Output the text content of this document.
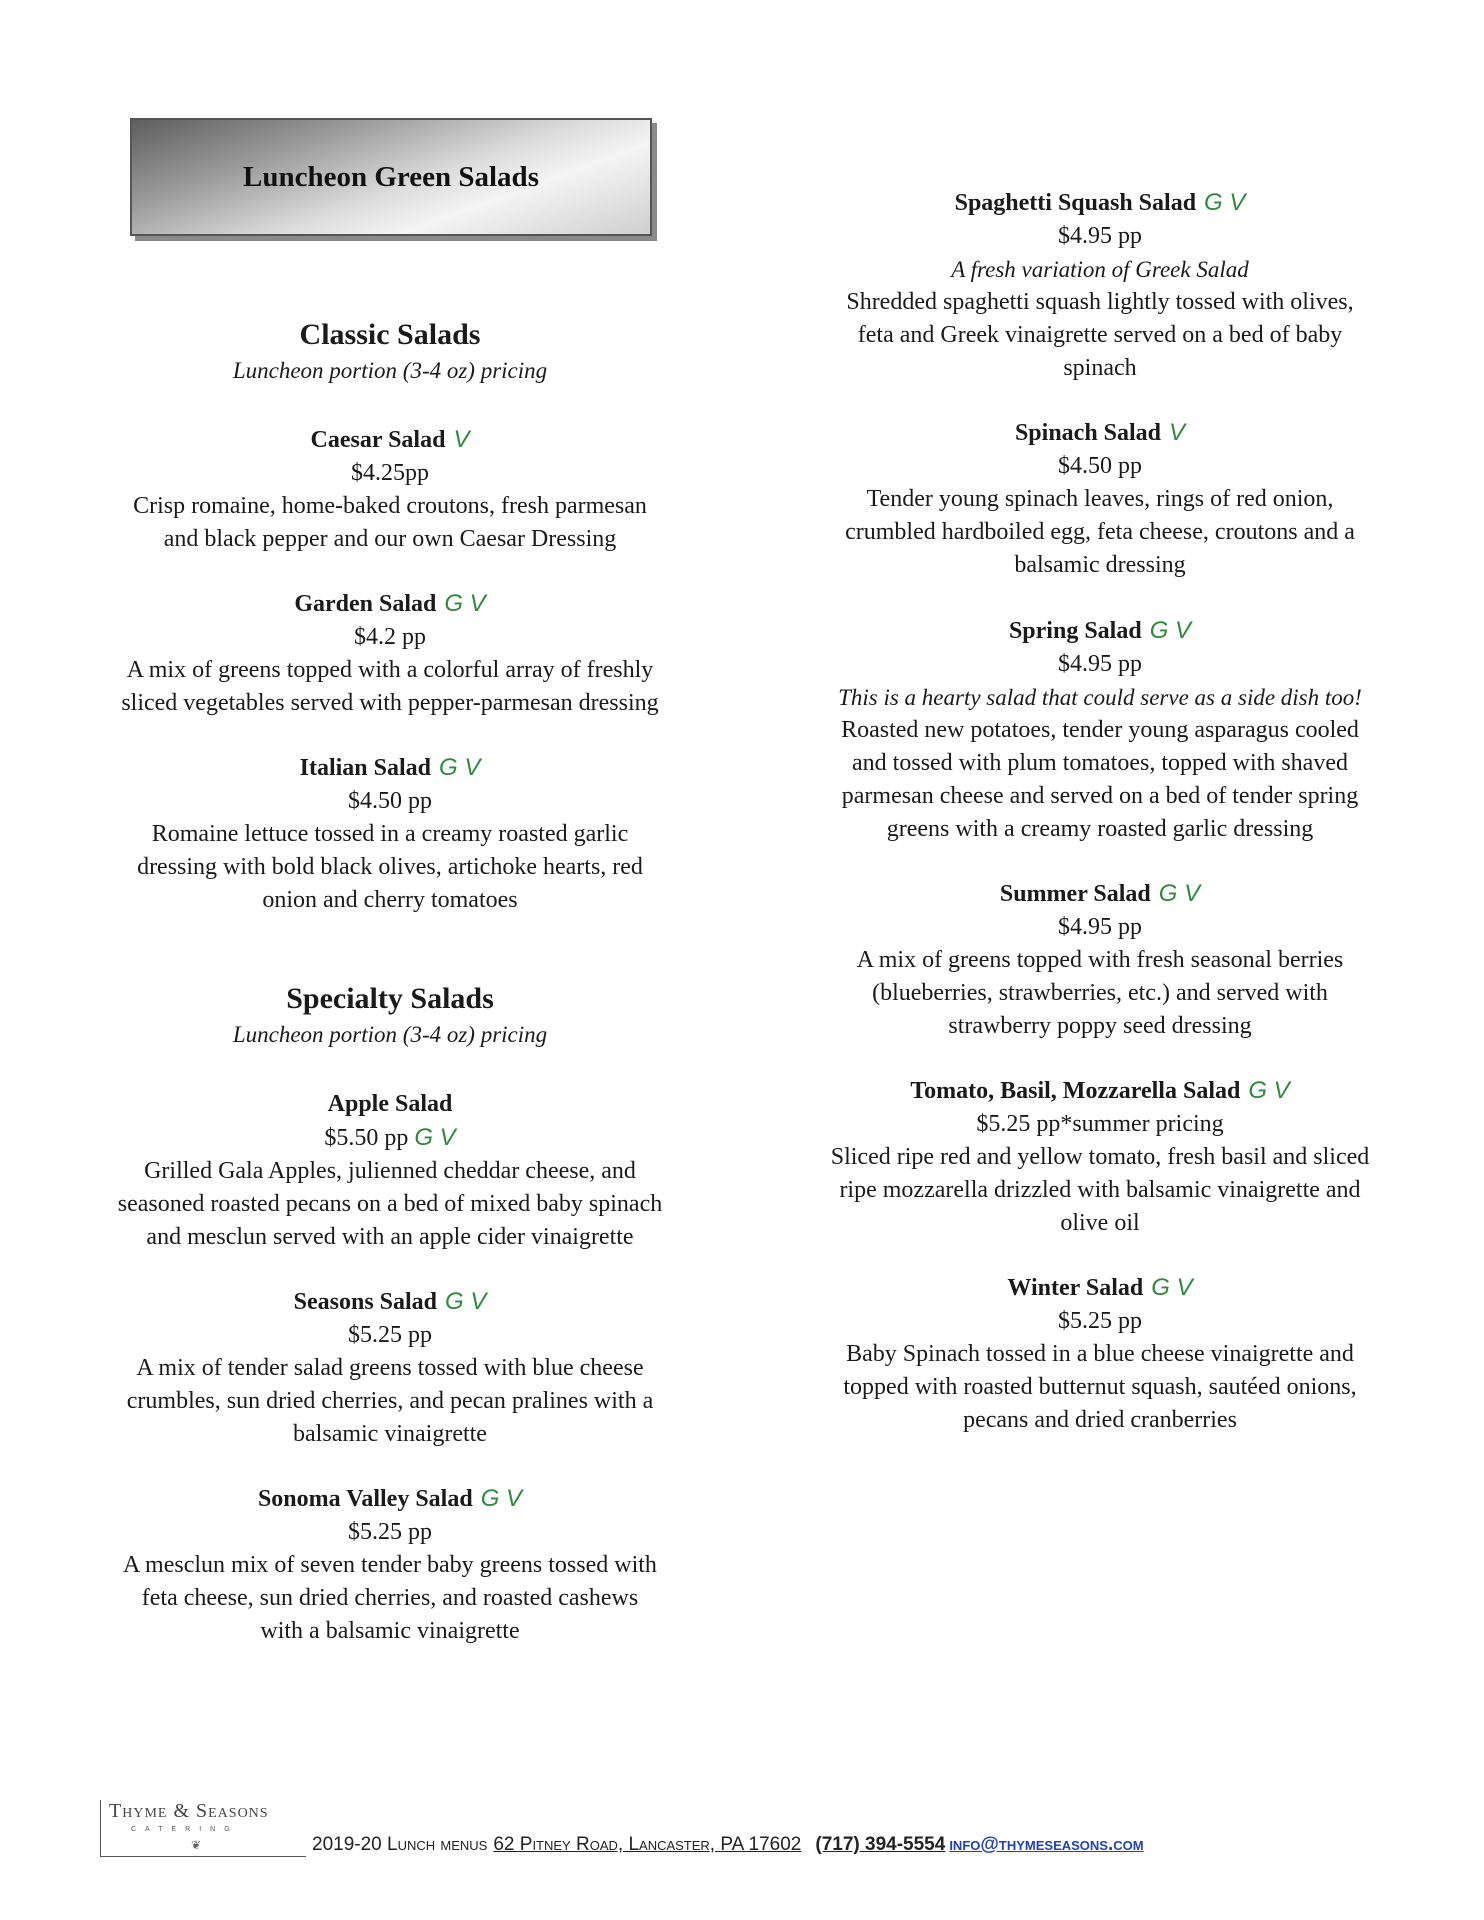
Luncheon Green Salads
Classic Salads
Luncheon portion (3-4 oz) pricing
Caesar Salad V
$4.25pp
Crisp romaine, home-baked croutons, fresh parmesan
and black pepper and our own Caesar Dressing
Garden Salad G V
$4.2 pp
A mix of greens topped with a colorful array of freshly
sliced vegetables served with pepper-parmesan dressing
Italian Salad G V
$4.50 pp
Romaine lettuce tossed in a creamy roasted garlic
dressing with bold black olives, artichoke hearts, red
onion and cherry tomatoes
Specialty Salads
Luncheon portion (3-4 oz) pricing
Apple Salad
$5.50 pp G V
Grilled Gala Apples, julienned cheddar cheese, and
seasoned roasted pecans on a bed of mixed baby spinach
and mesclun served with an apple cider vinaigrette
Seasons Salad G V
$5.25 pp
A mix of tender salad greens tossed with blue cheese
crumbles, sun dried cherries, and pecan pralines with a
balsamic vinaigrette
Sonoma Valley Salad G V
$5.25 pp
A mesclun mix of seven tender baby greens tossed with
feta cheese, sun dried cherries, and roasted cashews
with a balsamic vinaigrette
Spaghetti Squash Salad G V
$4.95 pp
A fresh variation of Greek Salad
Shredded spaghetti squash lightly tossed with olives,
feta and Greek vinaigrette served on a bed of baby
spinach
Spinach Salad V
$4.50 pp
Tender young spinach leaves, rings of red onion,
crumbled hardboiled egg, feta cheese, croutons and a
balsamic dressing
Spring Salad G V
$4.95 pp
This is a hearty salad that could serve as a side dish too!
Roasted new potatoes, tender young asparagus cooled
and tossed with plum tomatoes, topped with shaved
parmesan cheese and served on a bed of tender spring
greens with a creamy roasted garlic dressing
Summer Salad G V
$4.95 pp
A mix of greens topped with fresh seasonal berries
(blueberries, strawberries, etc.) and served with
strawberry poppy seed dressing
Tomato, Basil, Mozzarella Salad G V
$5.25 pp*summer pricing
Sliced ripe red and yellow tomato, fresh basil and sliced
ripe mozzarella drizzled with balsamic vinaigrette and
olive oil
Winter Salad G V
$5.25 pp
Baby Spinach tossed in a blue cheese vinaigrette and
topped with roasted butternut squash, sautéed onions,
pecans and dried cranberries
Thyme & Seasons
CATERING
❦	2019-20 Lunch menus 62 Pitney Road, Lancaster, PA 17602 (717) 394-5554 info@thymeseasons.com
